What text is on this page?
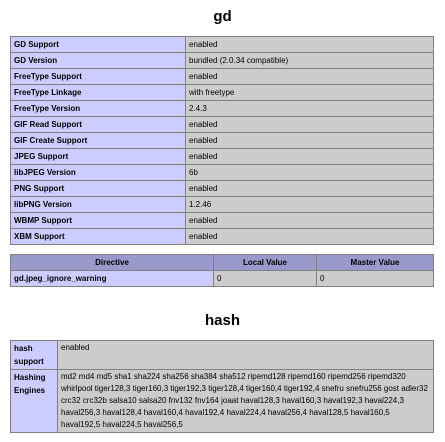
gd
GD Support	enabled
GD Version	bundled (2.0.34 compatible)
FreeType Support	enabled
FreeType Linkage	with freetype
FreeType Version	2.4.3
GIF Read Support	enabled
GIF Create Support	enabled
JPEG Support	enabled
libJPEG Version	6b
PNG Support	enabled
libPNG Version	1.2.46
WBMP Support	enabled
XBM Support	enabled
Directive	Local Value	Master Value
gd.jpeg_ignore_warning	0	0
hash
hash support	enabled
Hashing Engines	md2 md4 md5 sha1 sha224 sha256 sha384 sha512 ripemd128 ripemd160 ripemd256 ripemd320 whirlpool tiger128,3 tiger160,3 tiger192,3 tiger128,4 tiger160,4 tiger192,4 snefru snefru256 gost adler32 crc32 crc32b salsa10 salsa20 fnv132 fnv164 joaat haval128,3 haval160,3 haval192,3 haval224,3 haval256,3 haval128,4 haval160,4 haval192,4 haval224,4 haval256,4 haval128,5 haval160,5 haval192,5 haval224,5 haval256,5
